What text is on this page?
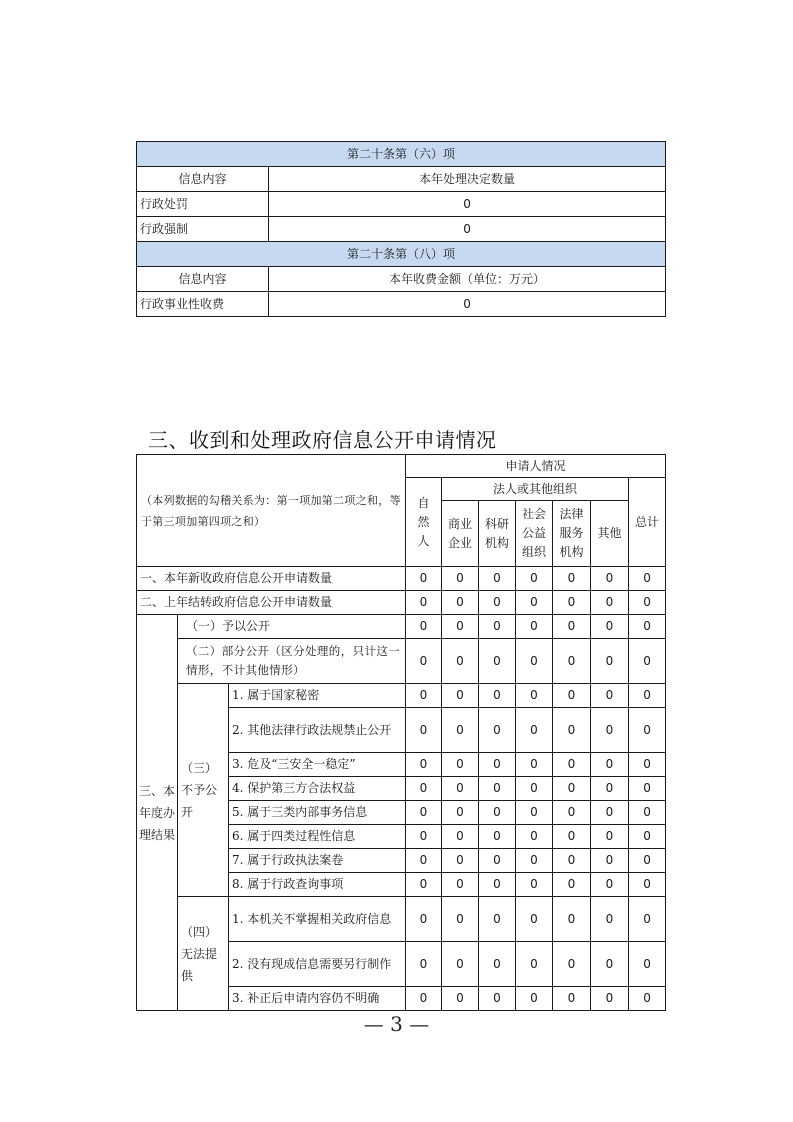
第二十条第（六）项	
信息内容	本年处理决定数量
行政处罚	0
行政强制	0
第二十条第（八）项	
信息内容	本年收费金额（单位：万元）
行政事业性收费	0
三、收到和处理政府信息公开申请情况
（本列数据的勾稽关系为：第一项加第二项之和，等于第三项加第四项之和）			申请人情况						
			自然人	法人或其他组织					总计
				商业企业	科研机构	社会公益组织	法律服务机构	其他	

一、本年新收政府信息公开申请数量			0	0	0	0	0	0	0
二、上年结转政府信息公开申请数量			0	0	0	0	0	0	0
三、本年度办理结果	（一）予以公开		0	0	0	0	0	0	0
	（二）部分公开（区分处理的，只计这一情形，不计其他情形）		0	0	0	0	0	0	0
	（三）不予公开	1. 属于国家秘密	0	0	0	0	0	0	0
		2. 其他法律行政法规禁止公开	0	0	0	0	0	0	0
		3. 危及“三安全一稳定”	0	0	0	0	0	0	0
		4. 保护第三方合法权益	0	0	0	0	0	0	0
		5. 属于三类内部事务信息	0	0	0	0	0	0	0
		6. 属于四类过程性信息	0	0	0	0	0	0	0
		7. 属于行政执法案卷	0	0	0	0	0	0	0
		8. 属于行政查询事项	0	0	0	0	0	0	0
	（四）无法提供	1. 本机关不掌握相关政府信息	0	0	0	0	0	0	0
		2. 没有现成信息需要另行制作	0	0	0	0	0	0	0
		3. 补正后申请内容仍不明确	0	0	0	0	0	0	0
— 3 —
